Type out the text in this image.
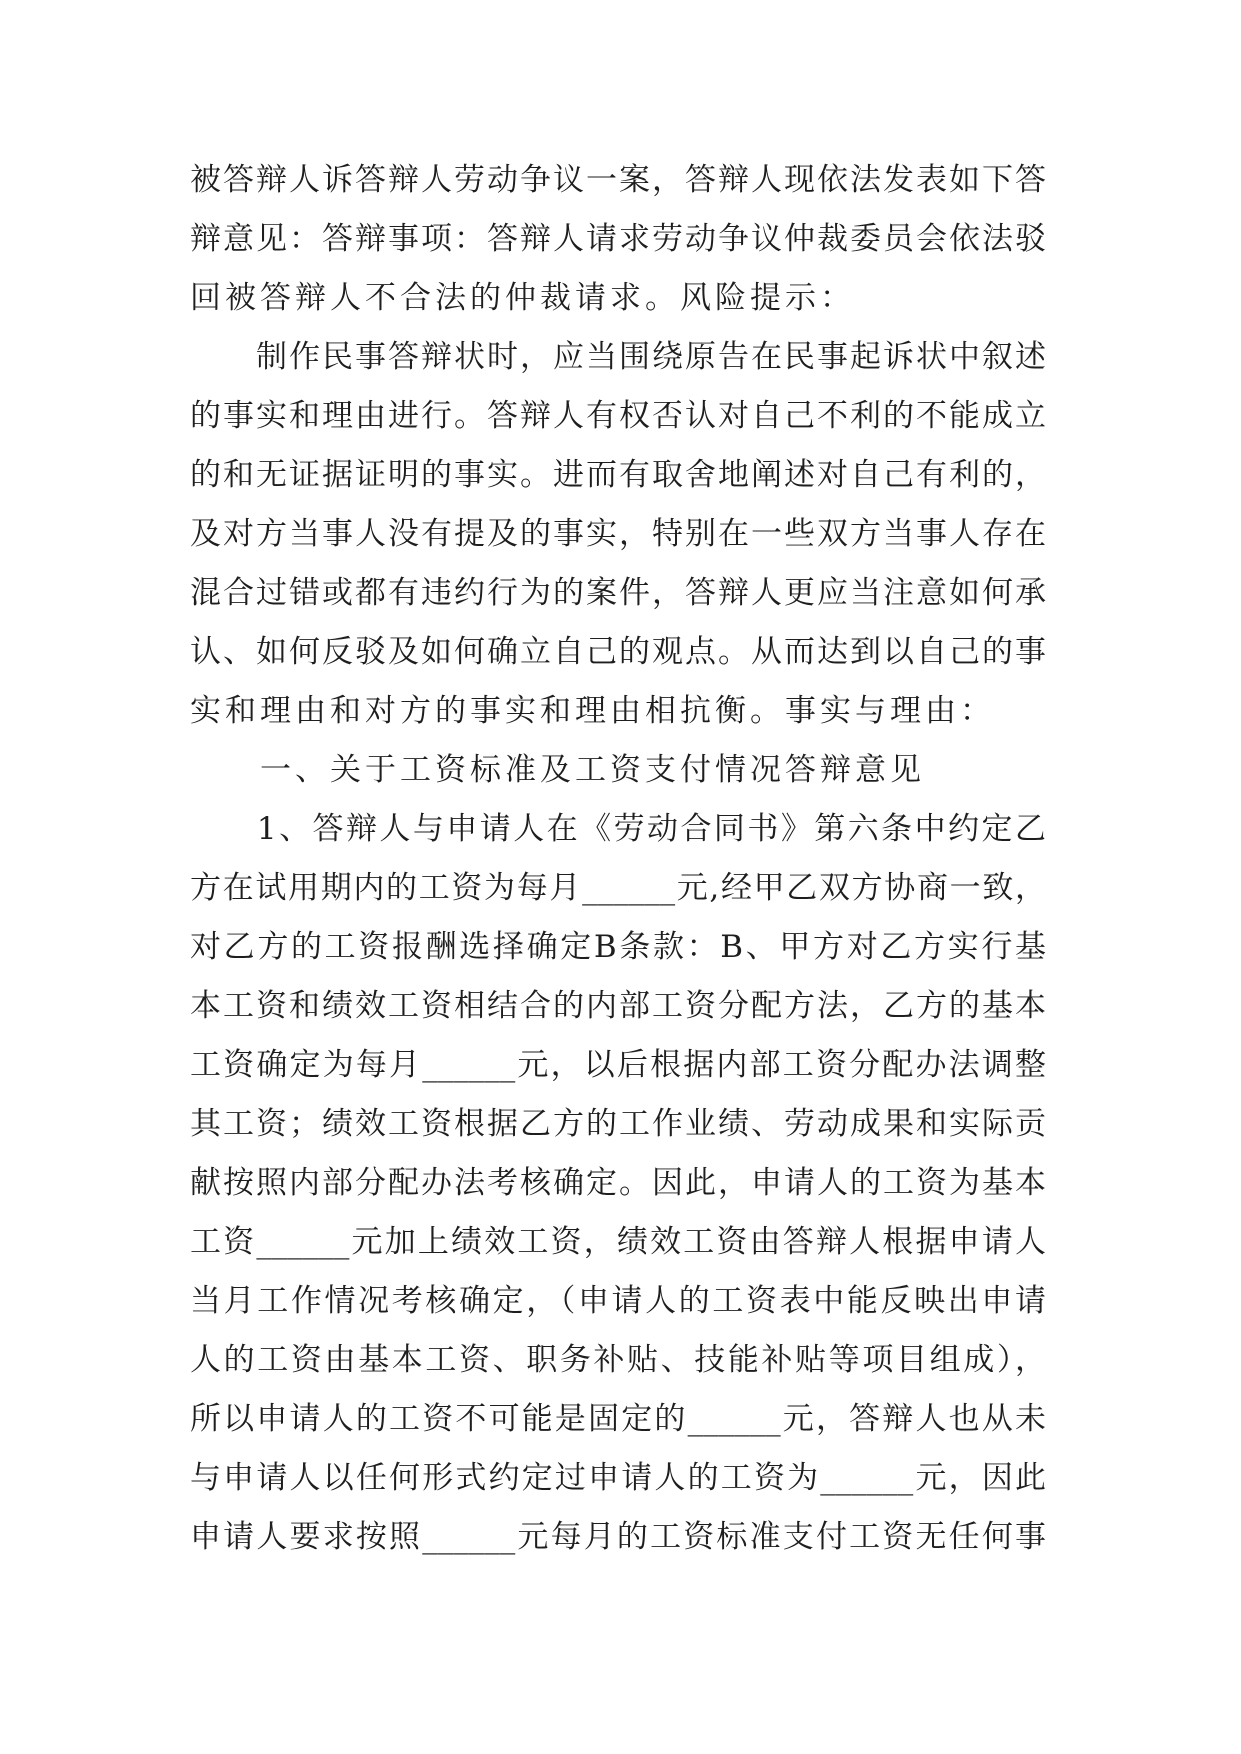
被答辩人诉答辩人劳动争议一案，答辩人现依法发表如下答
辩意见：答辩事项：答辩人请求劳动争议仲裁委员会依法驳
回被答辩人不合法的仲裁请求。风险提示：
　　制作民事答辩状时，应当围绕原告在民事起诉状中叙述
的事实和理由进行。答辩人有权否认对自己不利的不能成立
的和无证据证明的事实。进而有取舍地阐述对自己有利的，
及对方当事人没有提及的事实，特别在一些双方当事人存在
混合过错或都有违约行为的案件，答辩人更应当注意如何承
认、如何反驳及如何确立自己的观点。从而达到以自己的事
实和理由和对方的事实和理由相抗衡。事实与理由：
　　一、关于工资标准及工资支付情况答辩意见
　　1、答辩人与申请人在《劳动合同书》第六条中约定乙
方在试用期内的工资为每月______元,经甲乙双方协商一致，
对乙方的工资报酬选择确定B条款：B、甲方对乙方实行基
本工资和绩效工资相结合的内部工资分配方法，乙方的基本
工资确定为每月______元，以后根据内部工资分配办法调整
其工资；绩效工资根据乙方的工作业绩、劳动成果和实际贡
献按照内部分配办法考核确定。因此，申请人的工资为基本
工资______元加上绩效工资，绩效工资由答辩人根据申请人
当月工作情况考核确定，（申请人的工资表中能反映出申请
人的工资由基本工资、职务补贴、技能补贴等项目组成），
所以申请人的工资不可能是固定的______元，答辩人也从未
与申请人以任何形式约定过申请人的工资为______元，因此
申请人要求按照______元每月的工资标准支付工资无任何事
